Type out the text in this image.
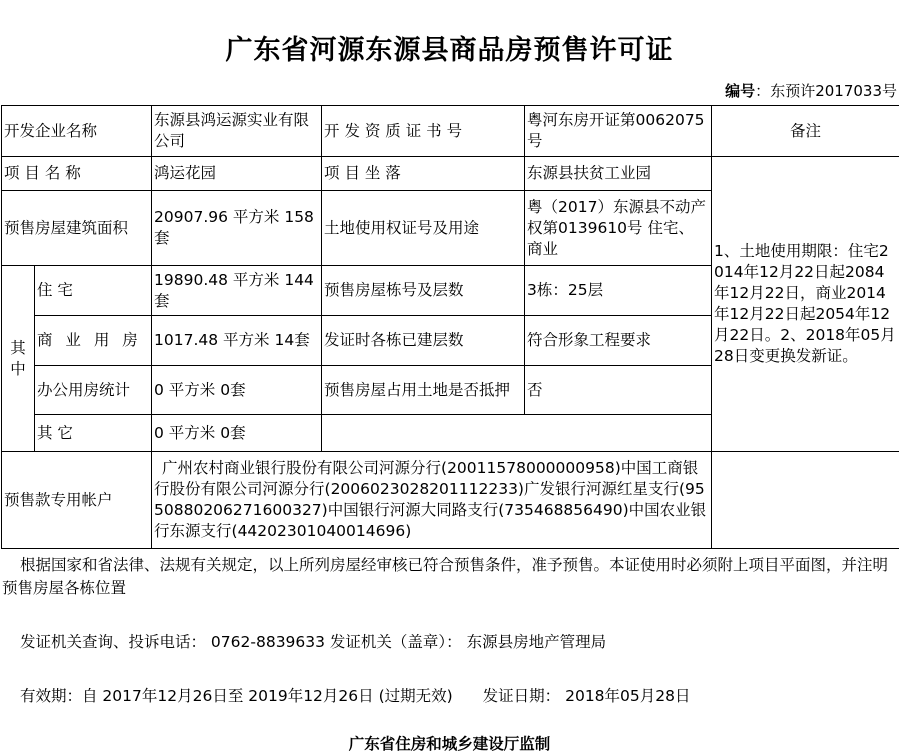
广东省河源东源县商品房预售许可证
编号：东预许2017033号
开发企业名称		东源县鸿运源实业有限公司	开 发 资 质 证 书 号	粤河东房开证第0062075号	备注	
项 目 名 称		鸿运花园	项 目 坐 落	东源县扶贫工业园	1、土地使用期限：住宅2014年12月22日起2084年12月22日，商业2014年12月22日起2054年12月22日。2、2018年05月28日变更换发新证。	
预售房屋建筑面积		20907.96 平方米 158套	土地使用权证号及用途	粤（2017）东源县不动产权第0139610号 住宅、商业		
其中	住 宅	19890.48 平方米 144套	预售房屋栋号及层数	3栋：25层		
	商 业 用 房	1017.48 平方米 14套	发证时各栋已建层数	符合形象工程要求		
	办公用房统计	0 平方米 0套	预售房屋占用土地是否抵押	否		
	其 它	0 平方米 0套				
预售款专用帐户		广州农村商业银行股份有限公司河源分行(20011578000000958)中国工商银行股份有限公司河源分行(2006023028201112233)广发银行河源红星支行(9550880206271600327)中国银行河源大同路支行(735468856490)中国农业银行东源支行(44202301040014696)				
根据国家和省法律、法规有关规定，以上所列房屋经审核已符合预售条件，准予预售。本证使用时必须附上项目平面图，并注明预售房屋各栋位置
发证机关查询、投诉电话： 0762-8839633 发证机关（盖章）： 东源县房地产管理局
有效期：自 2017年12月26日至 2019年12月26日 (过期无效) 发证日期： 2018年05月28日
广东省住房和城乡建设厅监制
